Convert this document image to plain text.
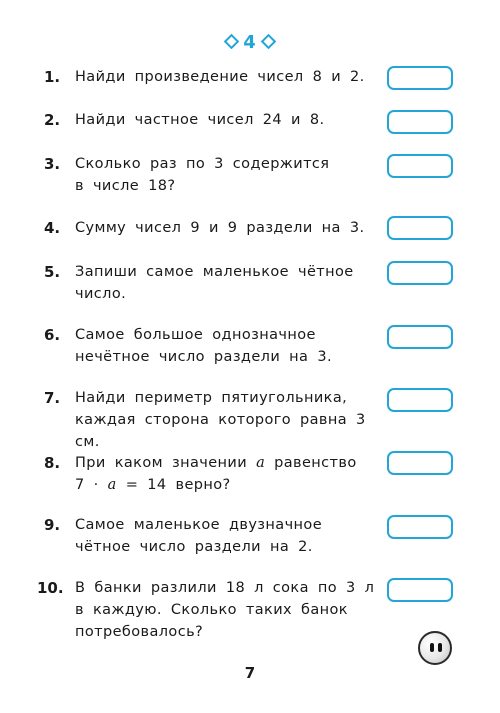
4
1.	Найди произведение чисел 8 и 2.
2.	Найди частное чисел 24 и 8.
3.	Сколько раз по 3 содержится
в числе 18?
4.	Сумму чисел 9 и 9 раздели на 3.
5.	Запиши самое маленькое чётное
число.
6.	Самое большое однозначное
нечётное число раздели на 3.
7.	Найди периметр пятиугольника,
каждая сторона которого равна 3 см.
8.	При каком значении a равенство
7 · a = 14 верно?
9.	Самое маленькое двузначное
чётное число раздели на 2.
10. В банки разлили 18 л сока по 3 л
в каждую. Сколько таких банок
потребовалось?
7
